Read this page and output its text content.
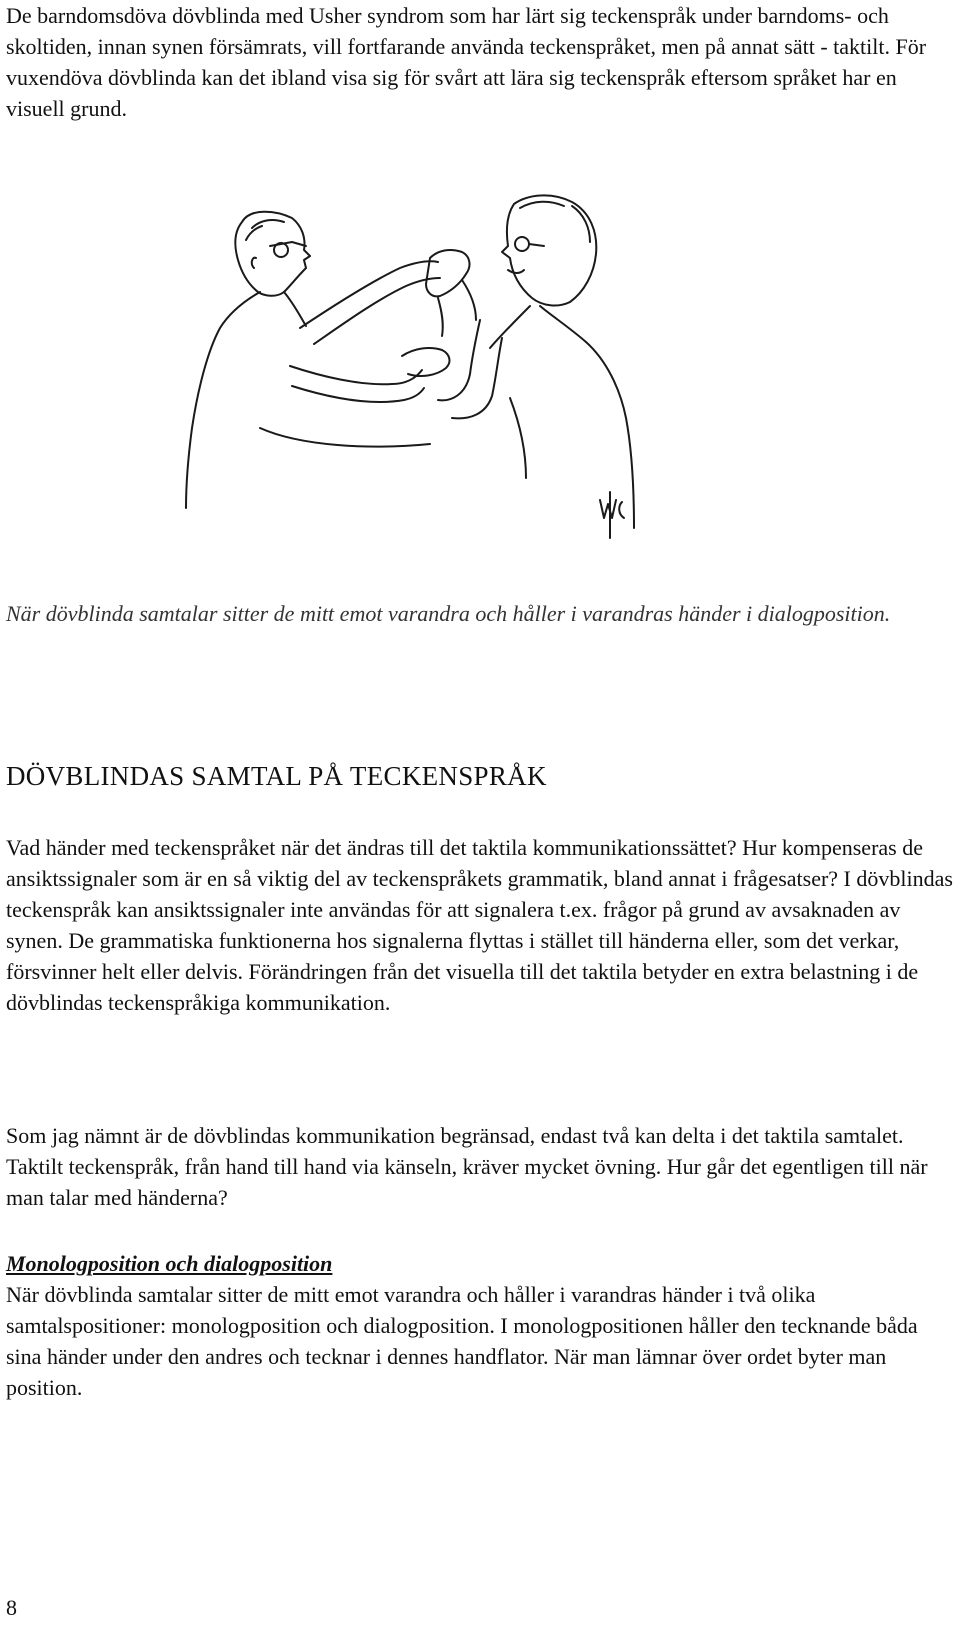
De barndomsdöva dövblinda med Usher syndrom som har lärt sig teckenspråk under barndoms- och skoltiden, innan synen försämrats, vill fortfarande använda teckenspråket, men på annat sätt - taktilt. För vuxendöva dövblinda kan det ibland visa sig för svårt att lära sig teckenspråk eftersom språket har en visuell grund.

När dövblinda samtalar sitter de mitt emot varandra och håller i varandras händer i dialogposition.

DÖVBLINDAS SAMTAL PÅ TECKENSPRÅK

Vad händer med teckenspråket när det ändras till det taktila kommunikationssättet? Hur kompenseras de ansiktssignaler som är en så viktig del av teckenspråkets grammatik, bland annat i frågesatser? I dövblindas teckenspråk kan ansiktssignaler inte användas för att signalera t.ex. frågor på grund av avsaknaden av synen. De grammatiska funktionerna hos signalerna flyttas i stället till händerna eller, som det verkar, försvinner helt eller delvis. Förändringen från det visuella till det taktila betyder en extra belastning i de dövblindas teckenspråkiga kommunikation.

Som jag nämnt är de dövblindas kommunikation begränsad, endast två kan delta i det taktila samtalet. Taktilt teckenspråk, från hand till hand via känseln, kräver mycket övning. Hur går det egentligen till när man talar med händerna?

Monologposition och dialogposition

När dövblinda samtalar sitter de mitt emot varandra och håller i varandras händer i två olika samtalspositioner: monologposition och dialogposition. I monologpositionen håller den tecknande båda sina händer under den andres och tecknar i dennes handflator. När man lämnar över ordet byter man position.

8
